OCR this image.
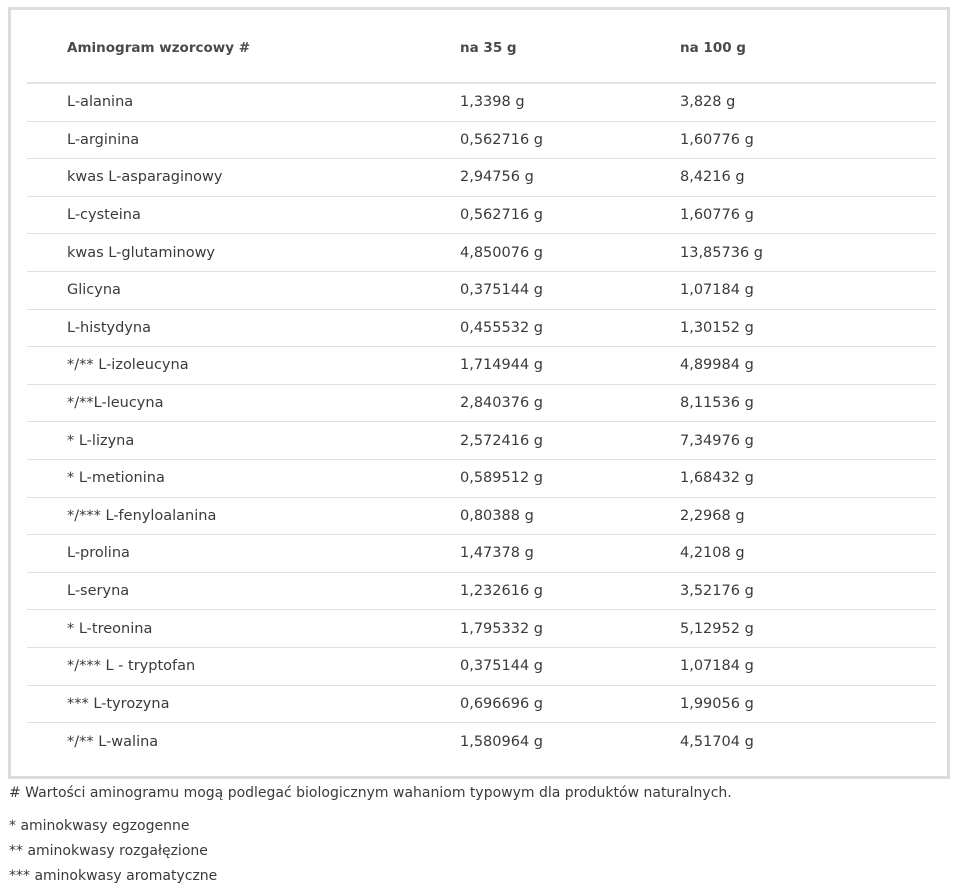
Aminogram wzorcowy #	na 35 g	na 100 g
L-alanina	1,3398 g	3,828 g
L-arginina	0,562716 g	1,60776 g
kwas L-asparaginowy	2,94756 g	8,4216 g
L-cysteina	0,562716 g	1,60776 g
kwas L-glutaminowy	4,850076 g	13,85736 g
Glicyna	0,375144 g	1,07184 g
L-histydyna	0,455532 g	1,30152 g
*/** L-izoleucyna	1,714944 g	4,89984 g
*/**L-leucyna	2,840376 g	8,11536 g
* L-lizyna	2,572416 g	7,34976 g
* L-metionina	0,589512 g	1,68432 g
*/*** L-fenyloalanina	0,80388 g	2,2968 g
L-prolina	1,47378 g	4,2108 g
L-seryna	1,232616 g	3,52176 g
* L-treonina	1,795332 g	5,12952 g
*/*** L - tryptofan	0,375144 g	1,07184 g
*** L-tyrozyna	0,696696 g	1,99056 g
*/** L-walina	1,580964 g	4,51704 g
# Wartości aminogramu mogą podlegać biologicznym wahaniom typowym dla produktów naturalnych.
* aminokwasy egzogenne
** aminokwasy rozgałęzione
*** aminokwasy aromatyczne
